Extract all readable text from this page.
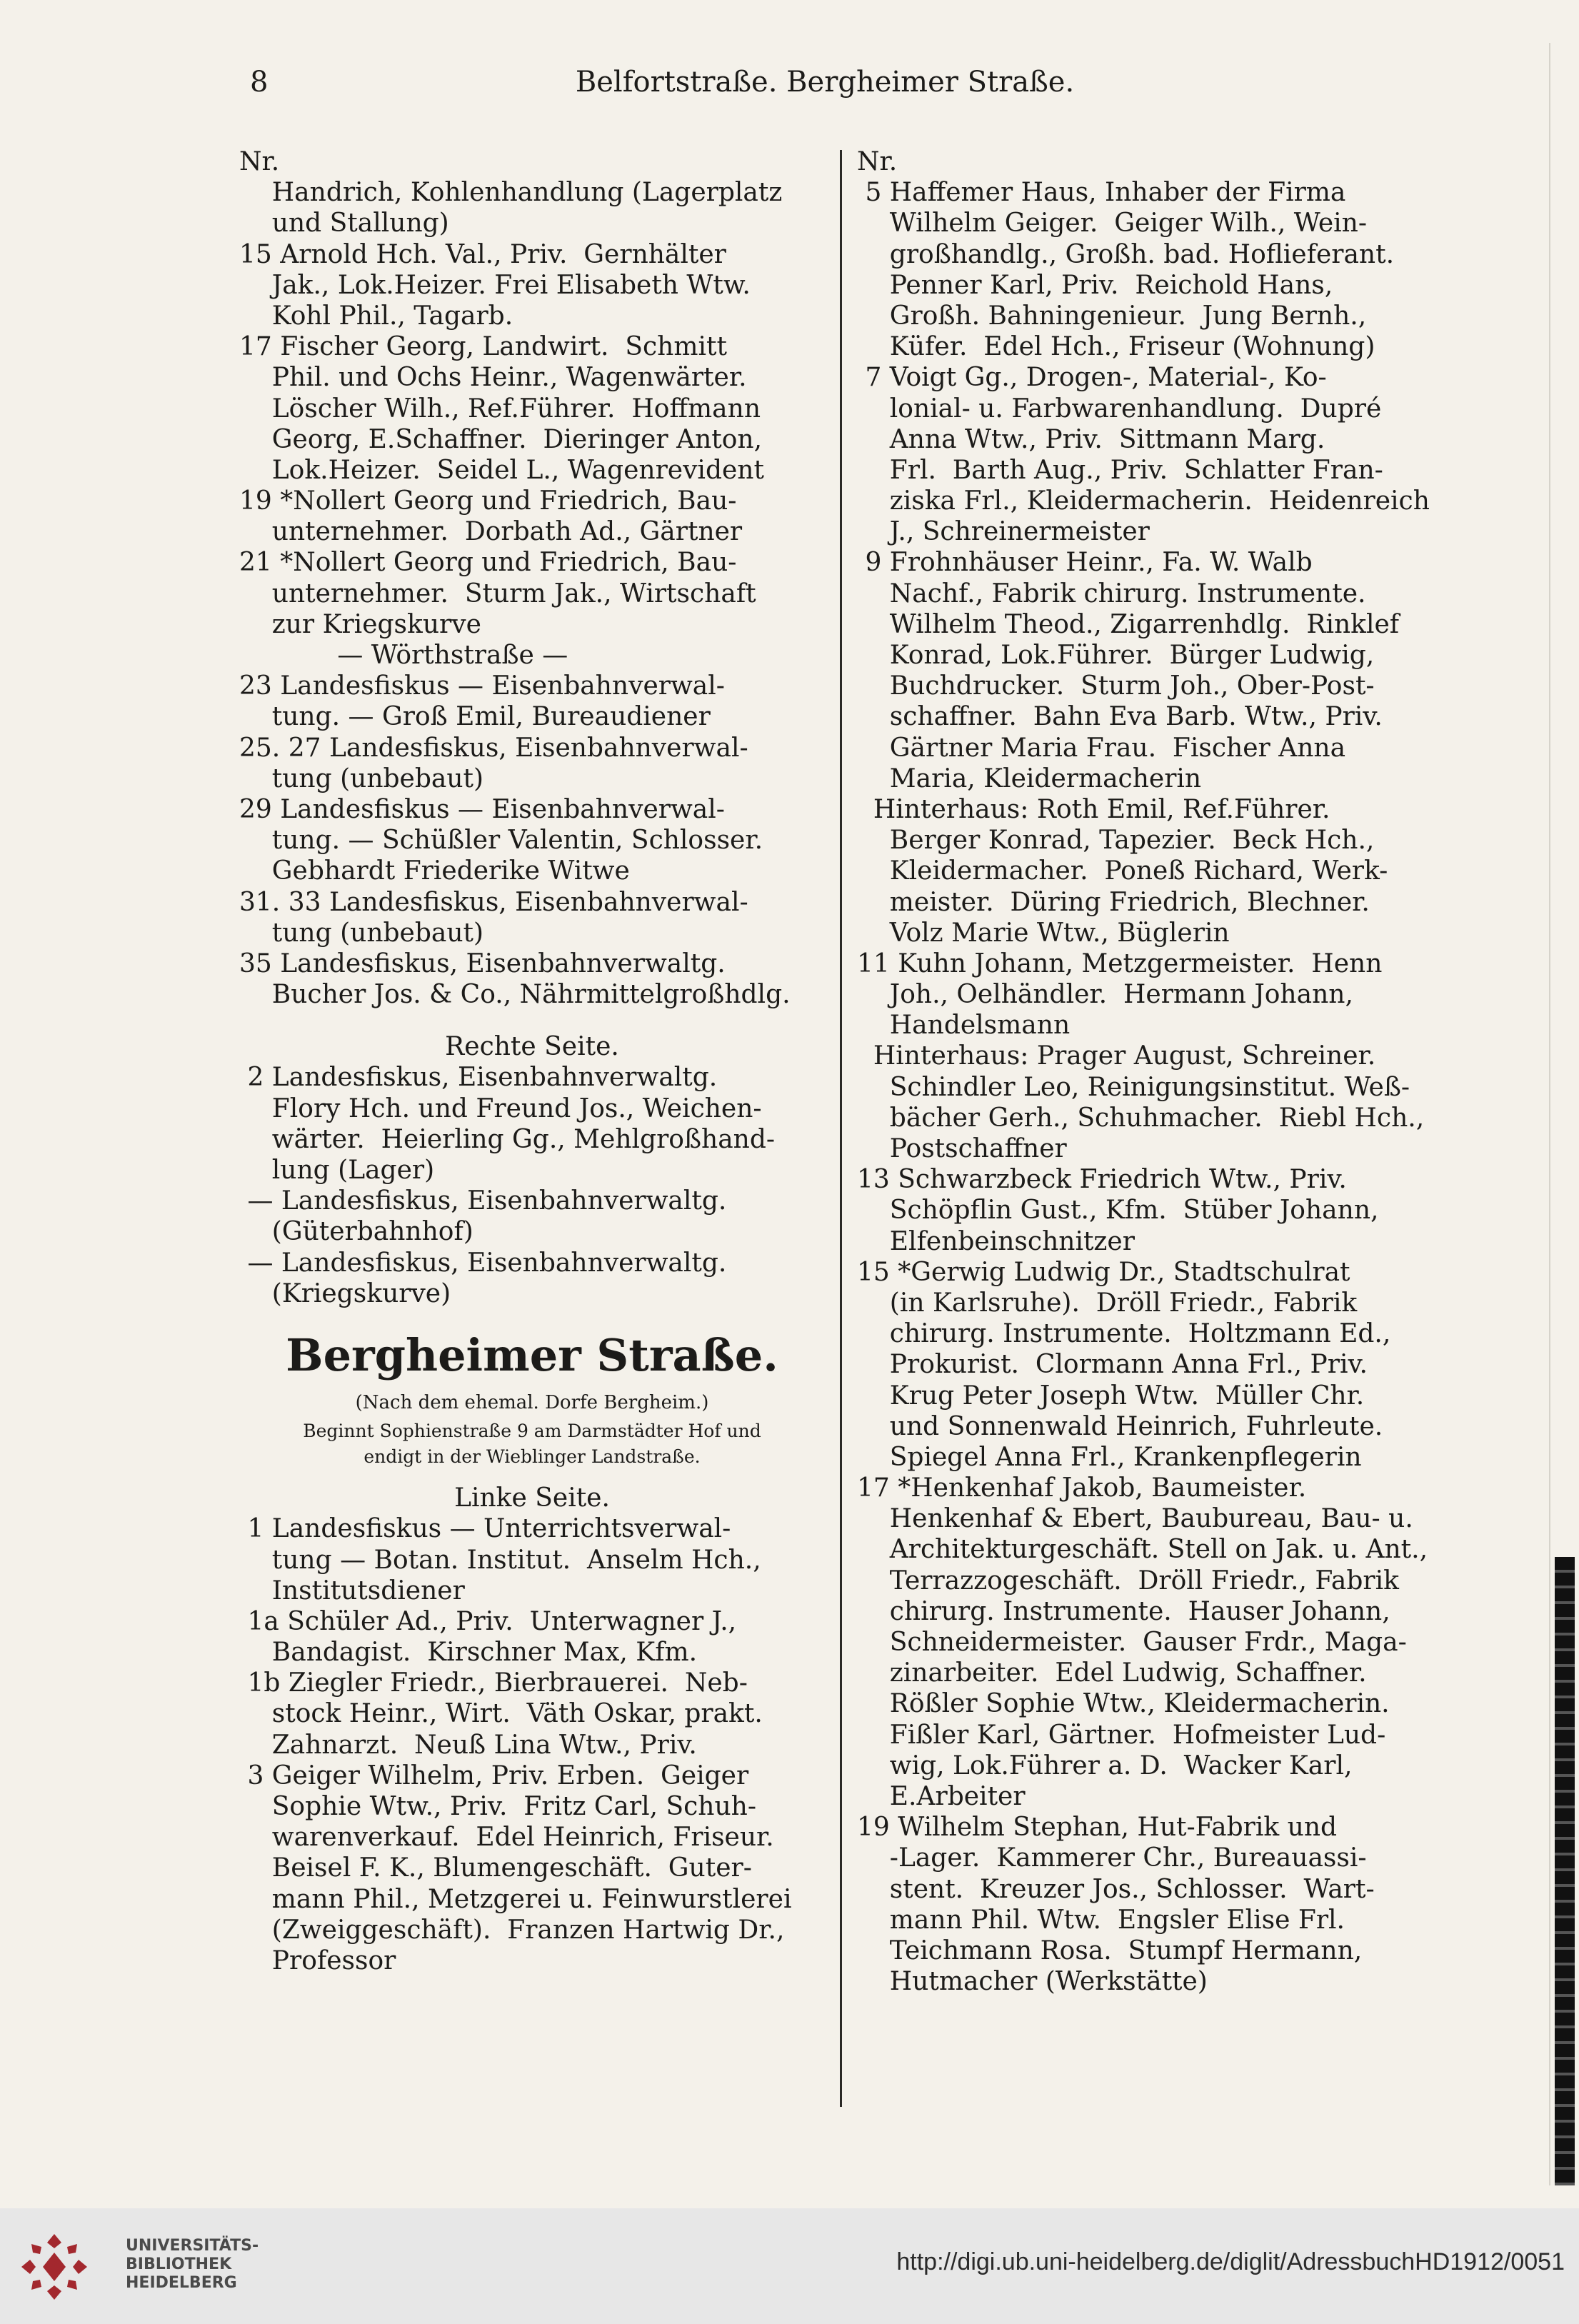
8	Belfortstraße. Bergheimer Straße.
Nr.
Handrich, Kohlenhandlung (Lagerplatz
und Stallung)
15 Arnold Hch. Val., Priv.  Gernhälter
Jak., Lok.Heizer. Frei Elisabeth Wtw.
Kohl Phil., Tagarb.
17 Fischer Georg, Landwirt.  Schmitt
Phil. und Ochs Heinr., Wagenwärter.
Löscher Wilh., Ref.Führer.  Hoffmann
Georg, E.Schaffner.  Dieringer Anton,
Lok.Heizer.  Seidel L., Wagenrevident
19 *Nollert Georg und Friedrich, Bau-
unternehmer.  Dorbath Ad., Gärtner
21 *Nollert Georg und Friedrich, Bau-
unternehmer.  Sturm Jak., Wirtschaft
zur Kriegskurve
— Wörthstraße —
23 Landesfiskus — Eisenbahnverwal-
tung. — Groß Emil, Bureaudiener
25. 27 Landesfiskus, Eisenbahnverwal-
tung (unbebaut)
29 Landesfiskus — Eisenbahnverwal-
tung. — Schüßler Valentin, Schlosser.
Gebhardt Friederike Witwe
31. 33 Landesfiskus, Eisenbahnverwal-
tung (unbebaut)
35 Landesfiskus, Eisenbahnverwaltg.
Bucher Jos. & Co., Nährmittelgroßhdlg.
Rechte Seite.
2 Landesfiskus, Eisenbahnverwaltg.
Flory Hch. und Freund Jos., Weichen-
wärter.  Heierling Gg., Mehlgroßhand-
lung (Lager)
— Landesfiskus, Eisenbahnverwaltg.
(Güterbahnhof)
— Landesfiskus, Eisenbahnverwaltg.
(Kriegskurve)
Bergheimer Straße.
(Nach dem ehemal. Dorfe Bergheim.)
Beginnt Sophienstraße 9 am Darmstädter Hof und
endigt in der Wieblinger Landstraße.
Linke Seite.
1 Landesfiskus — Unterrichtsverwal-
tung — Botan. Institut.  Anselm Hch.,
Institutsdiener
1a Schüler Ad., Priv.  Unterwagner J.,
Bandagist.  Kirschner Max, Kfm.
1b Ziegler Friedr., Bierbrauerei.  Neb-
stock Heinr., Wirt.  Väth Oskar, prakt.
Zahnarzt.  Neuß Lina Wtw., Priv.
3 Geiger Wilhelm, Priv. Erben.  Geiger
Sophie Wtw., Priv.  Fritz Carl, Schuh-
warenverkauf.  Edel Heinrich, Friseur.
Beisel F. K., Blumengeschäft.  Guter-
mann Phil., Metzgerei u. Feinwurstlerei
(Zweiggeschäft).  Franzen Hartwig Dr.,
Professor
Nr.
5 Haffemer Haus, Inhaber der Firma
Wilhelm Geiger.  Geiger Wilh., Wein-
großhandlg., Großh. bad. Hoflieferant.
Penner Karl, Priv.  Reichold Hans,
Großh. Bahningenieur.  Jung Bernh.,
Küfer.  Edel Hch., Friseur (Wohnung)
7 Voigt Gg., Drogen-, Material-, Ko-
lonial- u. Farbwarenhandlung.  Dupré
Anna Wtw., Priv.  Sittmann Marg.
Frl.  Barth Aug., Priv.  Schlatter Fran-
ziska Frl., Kleidermacherin.  Heidenreich
J., Schreinermeister
9 Frohnhäuser Heinr., Fa. W. Walb
Nachf., Fabrik chirurg. Instrumente.
Wilhelm Theod., Zigarrenhdlg.  Rinklef
Konrad, Lok.Führer.  Bürger Ludwig,
Buchdrucker.  Sturm Joh., Ober-Post-
schaffner.  Bahn Eva Barb. Wtw., Priv.
Gärtner Maria Frau.  Fischer Anna
Maria, Kleidermacherin
Hinterhaus: Roth Emil, Ref.Führer.
Berger Konrad, Tapezier.  Beck Hch.,
Kleidermacher.  Poneß Richard, Werk-
meister.  Düring Friedrich, Blechner.
Volz Marie Wtw., Büglerin
11 Kuhn Johann, Metzgermeister.  Henn
Joh., Oelhändler.  Hermann Johann,
Handelsmann
Hinterhaus: Prager August, Schreiner.
Schindler Leo, Reinigungsinstitut. Weß-
bächer Gerh., Schuhmacher.  Riebl Hch.,
Postschaffner
13 Schwarzbeck Friedrich Wtw., Priv.
Schöpflin Gust., Kfm.  Stüber Johann,
Elfenbeinschnitzer
15 *Gerwig Ludwig Dr., Stadtschulrat
(in Karlsruhe).  Dröll Friedr., Fabrik
chirurg. Instrumente.  Holtzmann Ed.,
Prokurist.  Clormann Anna Frl., Priv.
Krug Peter Joseph Wtw.  Müller Chr.
und Sonnenwald Heinrich, Fuhrleute.
Spiegel Anna Frl., Krankenpflegerin
17 *Henkenhaf Jakob, Baumeister.
Henkenhaf & Ebert, Baubureau, Bau- u.
Architekturgeschäft. Stell on Jak. u. Ant.,
Terrazzogeschäft.  Dröll Friedr., Fabrik
chirurg. Instrumente.  Hauser Johann,
Schneidermeister.  Gauser Frdr., Maga-
zinarbeiter.  Edel Ludwig, Schaffner.
Rößler Sophie Wtw., Kleidermacherin.
Fißler Karl, Gärtner.  Hofmeister Lud-
wig, Lok.Führer a. D.  Wacker Karl,
E.Arbeiter
19 Wilhelm Stephan, Hut-Fabrik und
-Lager.  Kammerer Chr., Bureauassi-
stent.  Kreuzer Jos., Schlosser.  Wart-
mann Phil. Wtw.  Engsler Elise Frl.
Teichmann Rosa.  Stumpf Hermann,
Hutmacher (Werkstätte)
UNIVERSITÄTS-
BIBLIOTHEK
HEIDELBERG
http://digi.ub.uni-heidelberg.de/diglit/AdressbuchHD1912/0051
